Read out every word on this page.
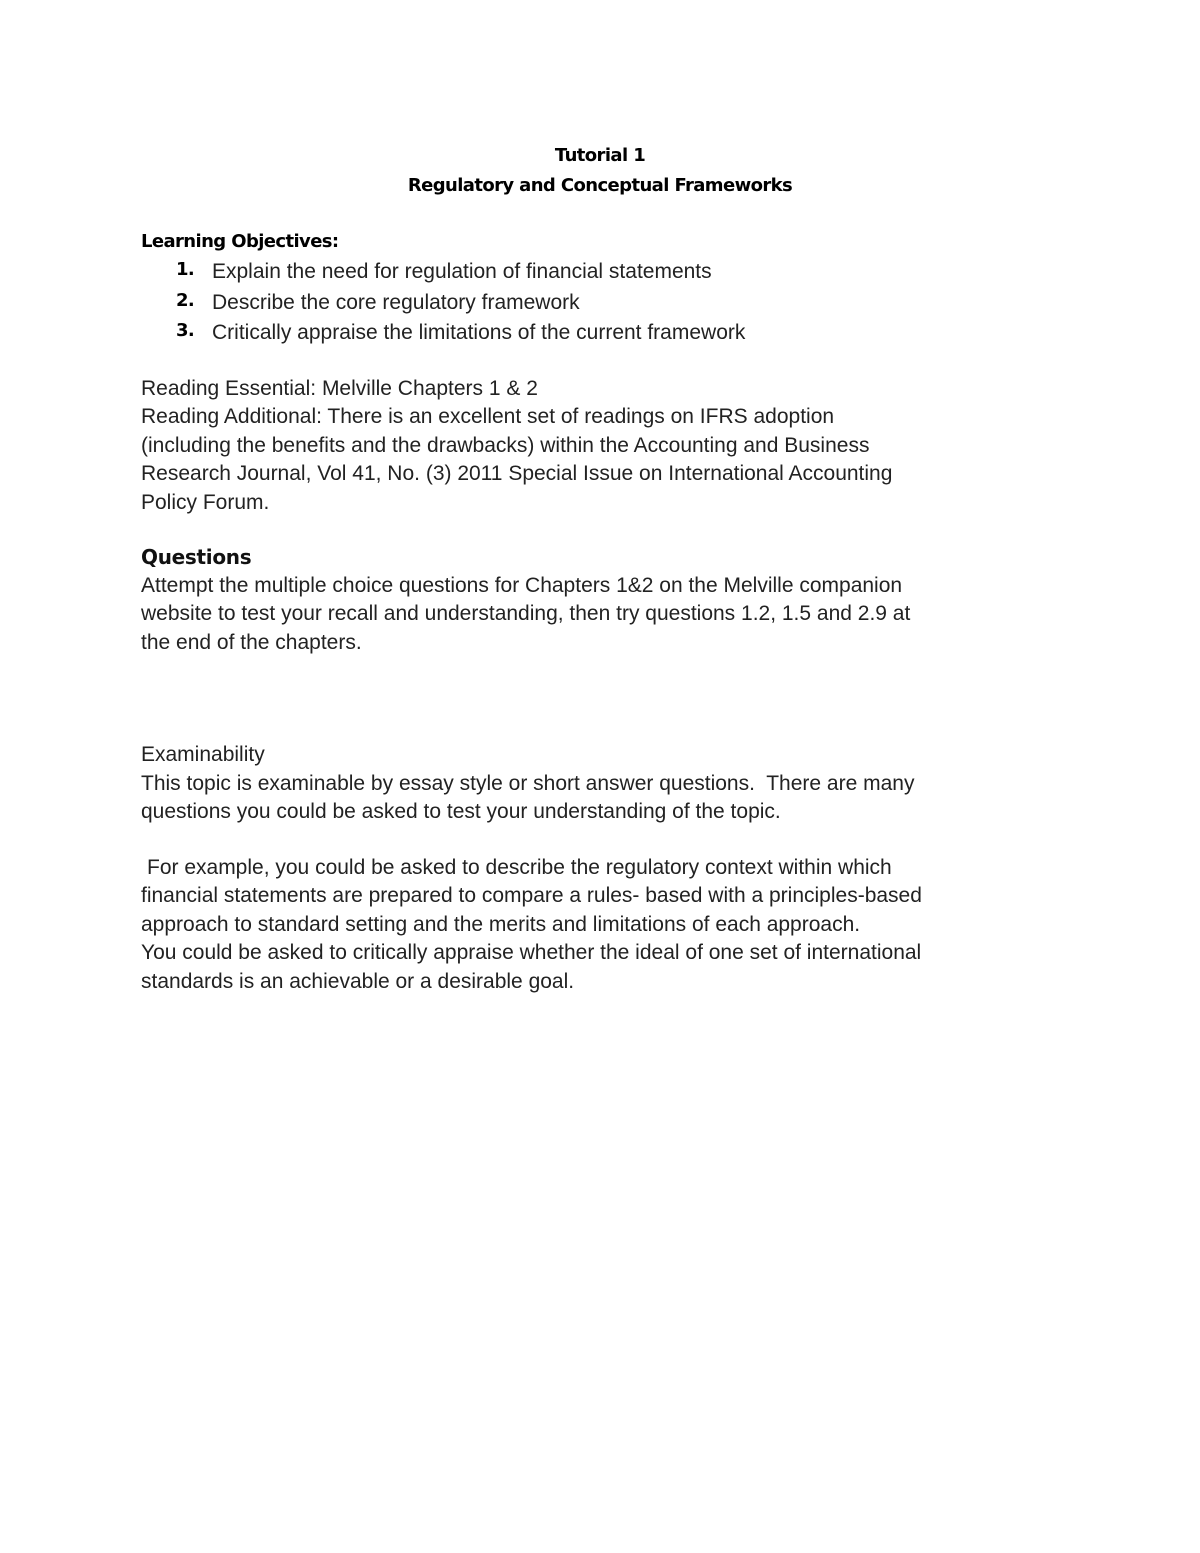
Tutorial 1
Regulatory and Conceptual Frameworks
Learning Objectives:
1. Explain the need for regulation of financial statements
2. Describe the core regulatory framework
3. Critically appraise the limitations of the current framework

Reading Essential: Melville Chapters 1 & 2

Reading Additional: There is an excellent set of readings on IFRS adoption

(including the benefits and the drawbacks) within the Accounting and Business

Research Journal, Vol 41, No. (3) 2011 Special Issue on International Accounting

Policy Forum.

Questions

Attempt the multiple choice questions for Chapters 1&2 on the Melville companion

website to test your recall and understanding, then try questions 1.2, 1.5 and 2.9 at

the end of the chapters.

Examinability

This topic is examinable by essay style or short answer questions.  There are many

questions you could be asked to test your understanding of the topic.

For example, you could be asked to describe the regulatory context within which

financial statements are prepared to compare a rules- based with a principles-based

approach to standard setting and the merits and limitations of each approach.

You could be asked to critically appraise whether the ideal of one set of international

standards is an achievable or a desirable goal.
